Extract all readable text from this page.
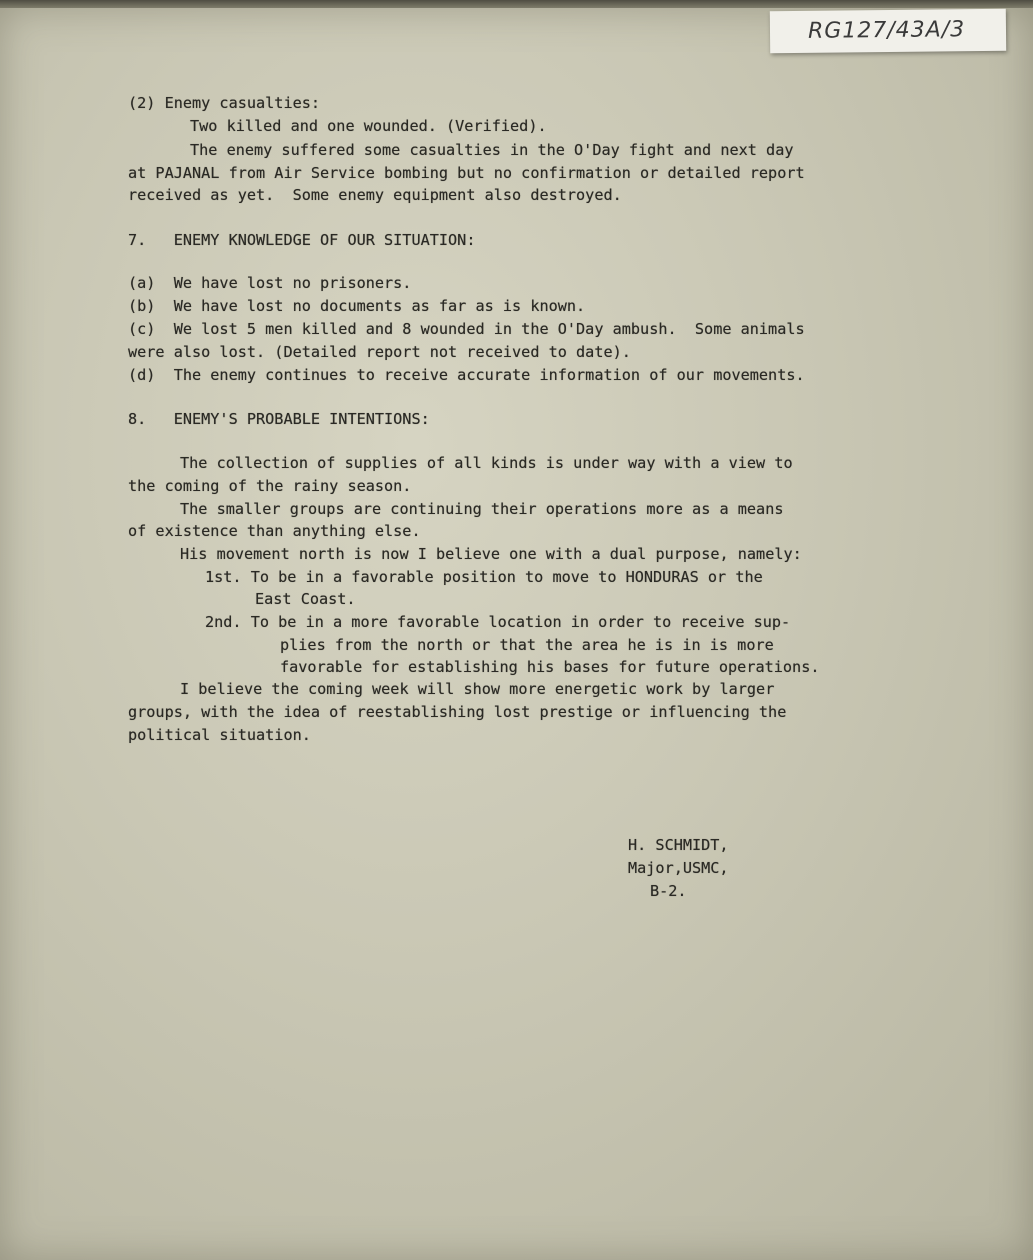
RG127/43A/3
(2) Enemy casualties:
Two killed and one wounded. (Verified).
The enemy suffered some casualties in the O'Day fight and next day
at PAJANAL from Air Service bombing but no confirmation or detailed report
received as yet.  Some enemy equipment also destroyed.
7.   ENEMY KNOWLEDGE OF OUR SITUATION:
(a)  We have lost no prisoners.
(b)  We have lost no documents as far as is known.
(c)  We lost 5 men killed and 8 wounded in the O'Day ambush.  Some animals
were also lost. (Detailed report not received to date).
(d)  The enemy continues to receive accurate information of our movements.
8.   ENEMY'S PROBABLE INTENTIONS:
The collection of supplies of all kinds is under way with a view to
the coming of the rainy season.
The smaller groups are continuing their operations more as a means
of existence than anything else.
His movement north is now I believe one with a dual purpose, namely:
1st. To be in a favorable position to move to HONDURAS or the
East Coast.
2nd. To be in a more favorable location in order to receive sup-
plies from the north or that the area he is in is more
favorable for establishing his bases for future operations.
I believe the coming week will show more energetic work by larger
groups, with the idea of reestablishing lost prestige or influencing the
political situation.
H. SCHMIDT,
Major,USMC,
B-2.
